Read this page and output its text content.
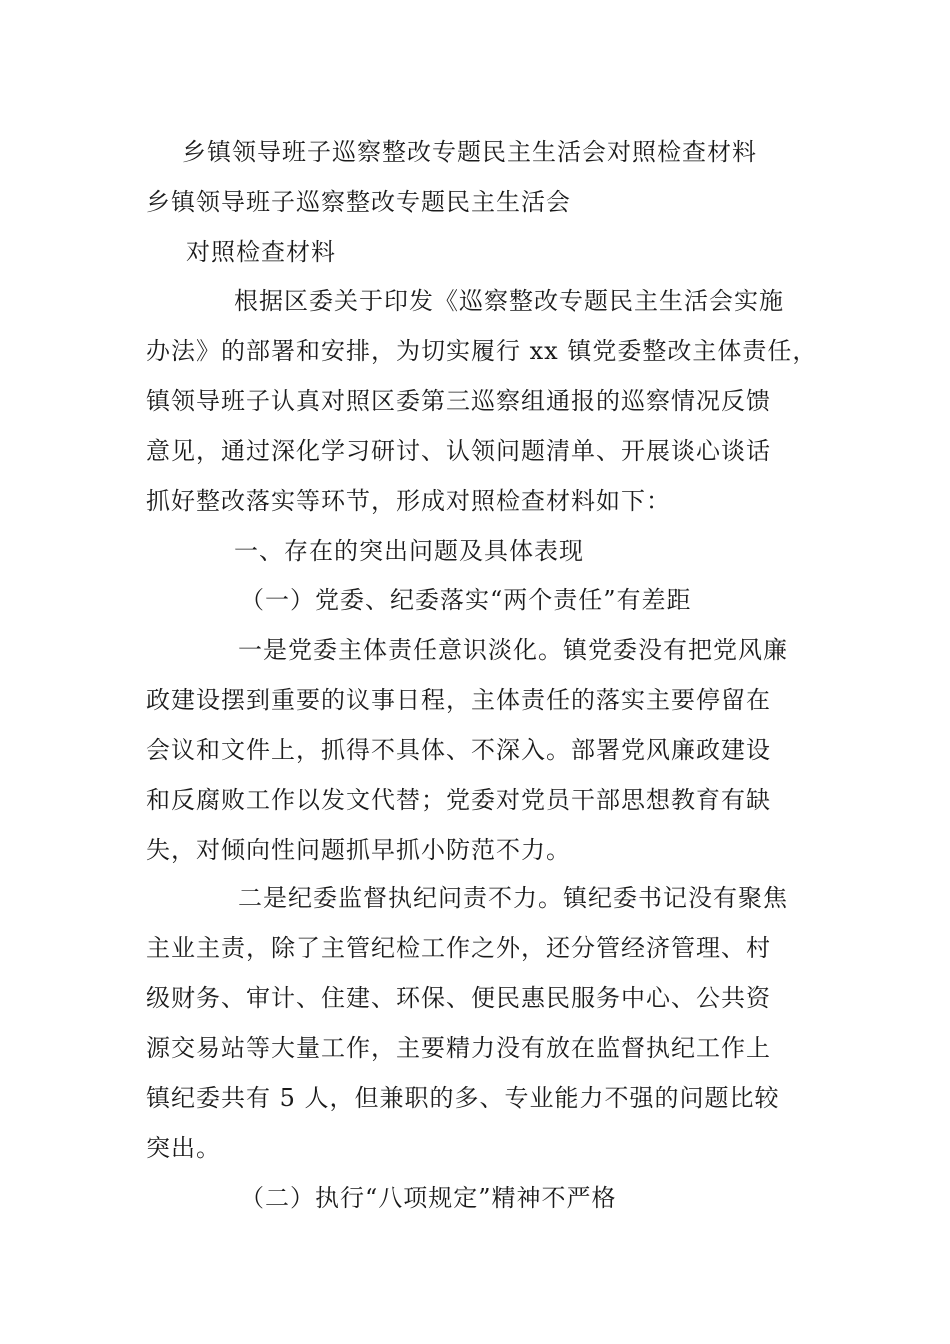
乡镇领导班子巡察整改专题民主生活会对照检查材料
乡镇领导班子巡察整改专题民主生活会
对照检查材料
根据区委关于印发《巡察整改专题民主生活会实施
办法》的部署和安排，为切实履行 xx 镇党委整改主体责任，
镇领导班子认真对照区委第三巡察组通报的巡察情况反馈
意见，通过深化学习研讨、认领问题清单、开展谈心谈话
抓好整改落实等环节，形成对照检查材料如下：
一、存在的突出问题及具体表现
（一）党委、纪委落实“两个责任”有差距
一是党委主体责任意识淡化。镇党委没有把党风廉
政建设摆到重要的议事日程，主体责任的落实主要停留在
会议和文件上，抓得不具体、不深入。部署党风廉政建设
和反腐败工作以发文代替；党委对党员干部思想教育有缺
失，对倾向性问题抓早抓小防范不力。
二是纪委监督执纪问责不力。镇纪委书记没有聚焦
主业主责，除了主管纪检工作之外，还分管经济管理、村
级财务、审计、住建、环保、便民惠民服务中心、公共资
源交易站等大量工作，主要精力没有放在监督执纪工作上
镇纪委共有 5 人，但兼职的多、专业能力不强的问题比较
突出。
（二）执行“八项规定”精神不严格
